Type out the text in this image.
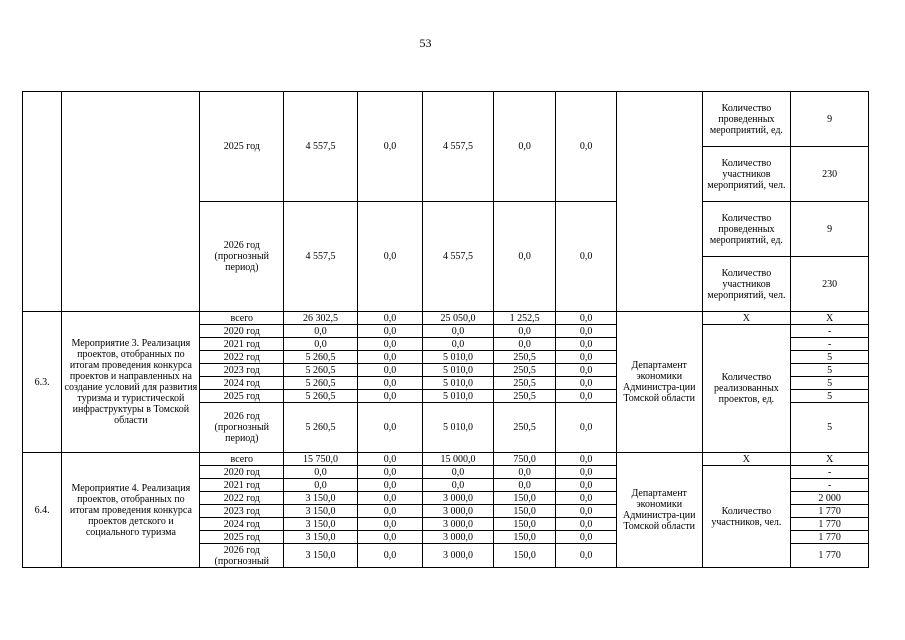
53
		2025 год	4 557,5	0,0	4 557,5	0,0	0,0		Количество проведенных мероприятий, ед.	9
									Количество участников мероприятий, чел.	230
		2026 год (прогнозный период)	4 557,5	0,0	4 557,5	0,0	0,0		Количество проведенных мероприятий, ед.	9
									Количество участников мероприятий, чел.	230
6.3.	Мероприятие 3. Реализация проектов, отобранных по итогам проведения конкурса проектов и направленных на создание условий для развития туризма и туристической инфраструктуры в Томской области	всего	26 302,5	0,0	25 050,0	1 252,5	0,0	Департамент экономики Администра-ции Томской области	Х	Х
		2020 год	0,0	0,0	0,0	0,0	0,0		Количество реализованных проектов, ед.	-
		2021 год	0,0	0,0	0,0	0,0	0,0			-
		2022 год	5 260,5	0,0	5 010,0	250,5	0,0			5
		2023 год	5 260,5	0,0	5 010,0	250,5	0,0			5
		2024 год	5 260,5	0,0	5 010,0	250,5	0,0			5
		2025 год	5 260,5	0,0	5 010,0	250,5	0,0			5
		2026 год (прогнозный период)	5 260,5	0,0	5 010,0	250,5	0,0			5
6.4.	Мероприятие 4. Реализация проектов, отобранных по итогам проведения конкурса проектов детского и социального туризма	всего	15 750,0	0,0	15 000,0	750,0	0,0	Департамент экономики Администра-ции Томской области	Х	Х
		2020 год	0,0	0,0	0,0	0,0	0,0		Количество участников, чел.	-
		2021 год	0,0	0,0	0,0	0,0	0,0			-
		2022 год	3 150,0	0,0	3 000,0	150,0	0,0			2 000
		2023 год	3 150,0	0,0	3 000,0	150,0	0,0			1 770
		2024 год	3 150,0	0,0	3 000,0	150,0	0,0			1 770
		2025 год	3 150,0	0,0	3 000,0	150,0	0,0			1 770
		2026 год (прогнозный	3 150,0	0,0	3 000,0	150,0	0,0			1 770
